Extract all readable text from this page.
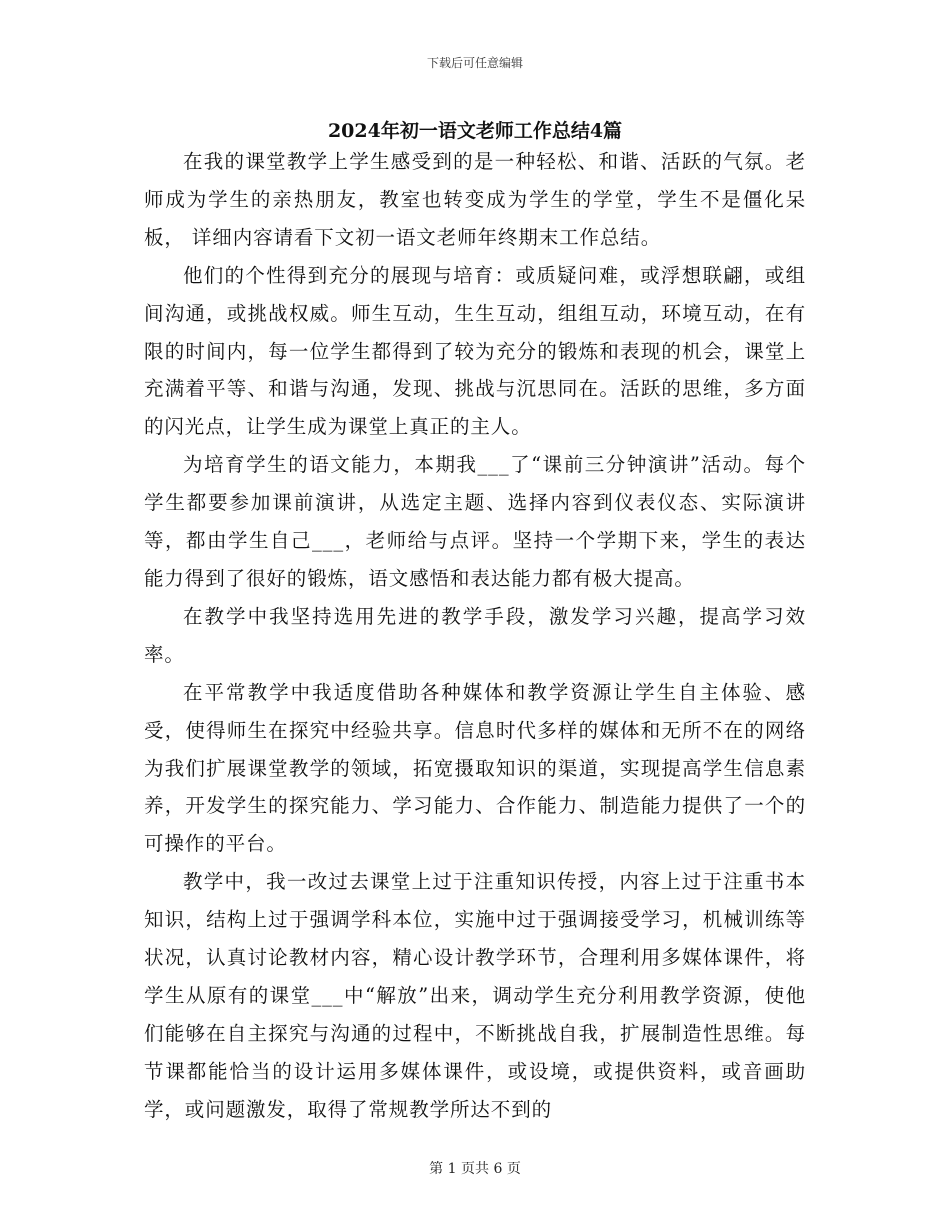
下载后可任意编辑
2024年初一语文老师工作总结4篇

在我的课堂教学上学生感受到的是一种轻松、和谐、活跃的气氛。老师成为学生的亲热朋友，教室也转变成为学生的学堂，学生不是僵化呆板， 详细内容请看下文初一语文老师年终期末工作总结。

他们的个性得到充分的展现与培育：或质疑问难，或浮想联翩，或组间沟通，或挑战权威。师生互动，生生互动，组组互动，环境互动，在有限的时间内，每一位学生都得到了较为充分的锻炼和表现的机会，课堂上充满着平等、和谐与沟通，发现、挑战与沉思同在。活跃的思维，多方面的闪光点，让学生成为课堂上真正的主人。

为培育学生的语文能力，本期我___了“课前三分钟演讲”活动。每个学生都要参加课前演讲，从选定主题、选择内容到仪表仪态、实际演讲等，都由学生自己___，老师给与点评。坚持一个学期下来，学生的表达能力得到了很好的锻炼，语文感悟和表达能力都有极大提高。

在教学中我坚持选用先进的教学手段，激发学习兴趣，提高学习效率。

在平常教学中我适度借助各种媒体和教学资源让学生自主体验、感受，使得师生在探究中经验共享。信息时代多样的媒体和无所不在的网络为我们扩展课堂教学的领域，拓宽摄取知识的渠道，实现提高学生信息素养，开发学生的探究能力、学习能力、合作能力、制造能力提供了一个的可操作的平台。

教学中，我一改过去课堂上过于注重知识传授，内容上过于注重书本知识，结构上过于强调学科本位，实施中过于强调接受学习，机械训练等状况，认真讨论教材内容，精心设计教学环节，合理利用多媒体课件，将学生从原有的课堂___中“解放”出来，调动学生充分利用教学资源，使他们能够在自主探究与沟通的过程中，不断挑战自我，扩展制造性思维。每节课都能恰当的设计运用多媒体课件，或设境，或提供资料，或音画助学，或问题激发，取得了常规教学所达不到的

第 1 页共 6 页
